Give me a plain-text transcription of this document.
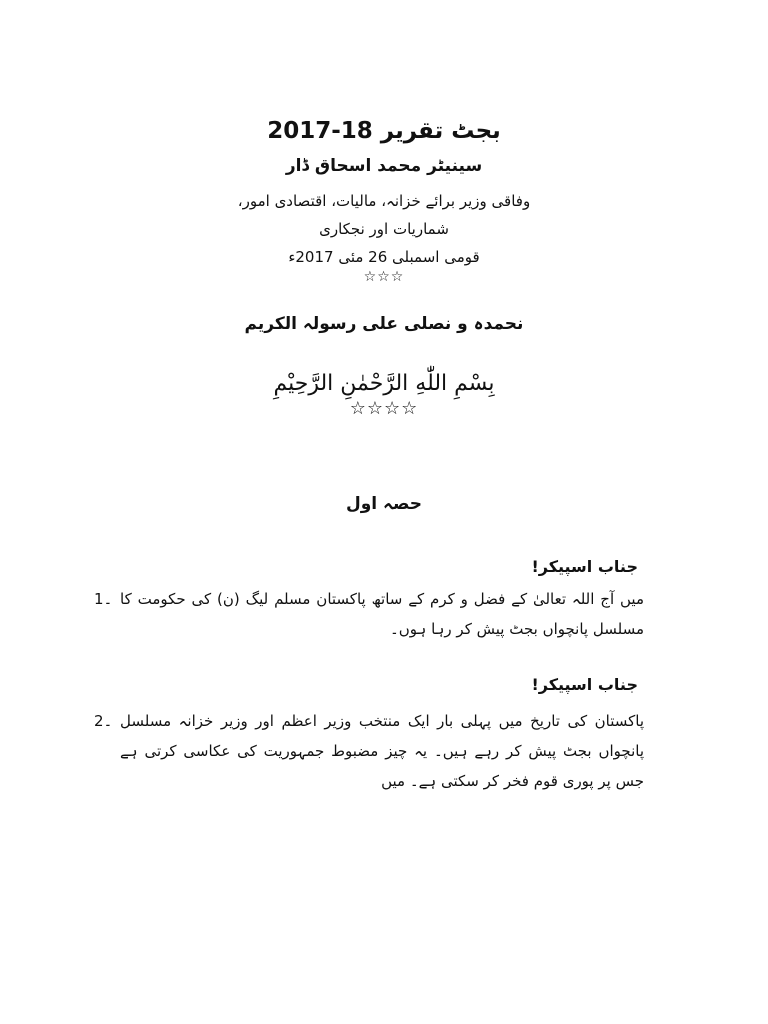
بجٹ تقریر 18-2017
سینیٹر محمد اسحاق ڈار
وفاقی وزیر برائے خزانہ، مالیات، اقتصادی امور،
شماریات اور نجکاری
قومی اسمبلی 26 مئی 2017ء
☆☆☆
نحمدہ و نصلی علی رسولہ الکریم
بِسْمِ اللّٰهِ الرَّحْمٰنِ الرَّحِيْمِ
☆☆☆☆
حصہ اول
جناب اسپیکر!
1۔ میں آج اللہ تعالیٰ کے فضل و کرم کے ساتھ پاکستان مسلم لیگ (ن) کی حکومت کا مسلسل پانچواں بجٹ پیش کر رہا ہوں۔
جناب اسپیکر!
2۔ پاکستان کی تاریخ میں پہلی بار ایک منتخب وزیر اعظم اور وزیر خزانہ مسلسل پانچواں بجٹ پیش کر رہے ہیں۔ یہ چیز مضبوط جمہوریت کی عکاسی کرتی ہے جس پر پوری قوم فخر کر سکتی ہے۔ میں
